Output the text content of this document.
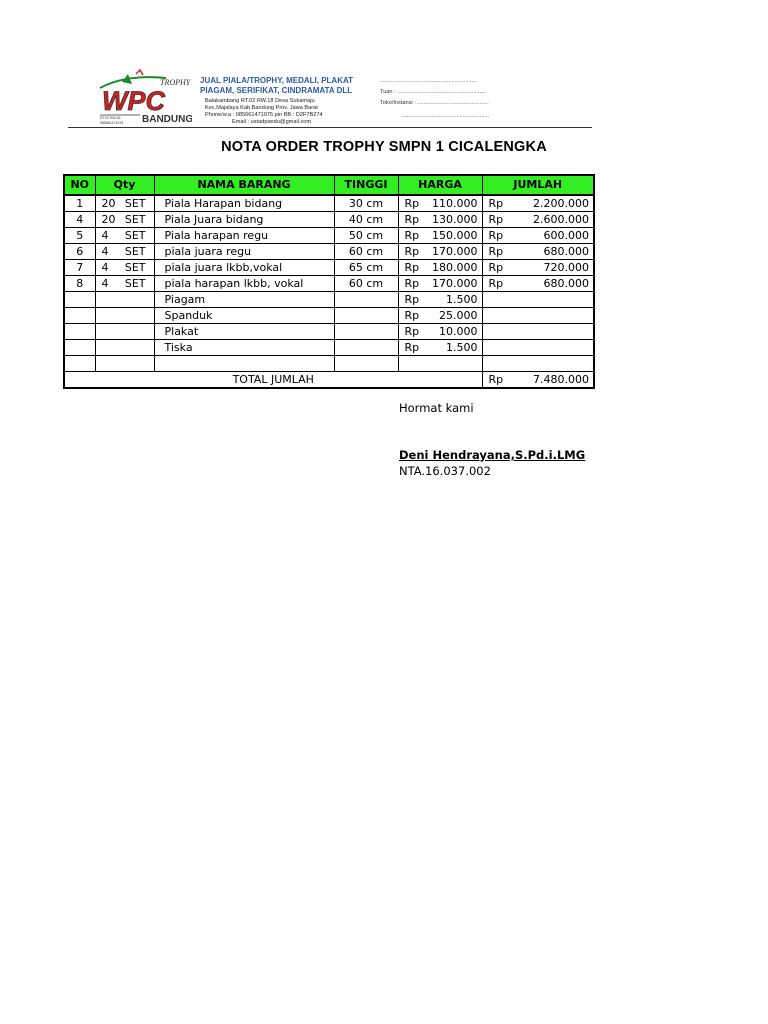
WPC
TROPHY
BANDUNG
RT.02 RW.18
085661471075
JUAL PIALA/TROPHY, MEDALI, PLAKAT
PIAGAM, SERIFIKAT, CINDRAMATA DLL
Balakambang RT.02 RW.18 Desa Sukamaju
Kec.Majalaya Kab.Bandung Prov. Jawa Barat
Phone/w.a : 085661471075 pin BB : D2F7B274
Email : ustadpandu@gmail.com
...............................................................
Tuan : .........................................................
Toko/Instansi : ..............................................
........................................................
NOTA ORDER TROPHY SMPN 1 CICALENGKA
NO	Qty	NAMA BARANG	TINGGI	HARGA	JUMLAH
1	20 SET	Piala Harapan bidang	30 cm	Rp 110.000	Rp 2.200.000

4	20 SET	Piala Juara bidang	40 cm	Rp 130.000	Rp 2.600.000

5	4 SET	Piala harapan regu	50 cm	Rp 150.000	Rp 600.000

6	4 SET	piala juara regu	60 cm	Rp 170.000	Rp 680.000

7	4 SET	piala juara lkbb,vokal	65 cm	Rp 180.000	Rp 720.000

8	4 SET	piala harapan lkbb, vokal	60 cm	Rp 170.000	Rp 680.000

		Piagam		Rp 1.500	

		Spanduk		Rp 25.000	

		Plakat		Rp 10.000	

		Tiska		Rp 1.500	

TOTAL JUMLAH					Rp 7.480.000
Hormat kami
Deni Hendrayana,S.Pd.i.LMG
NTA.16.037.002
